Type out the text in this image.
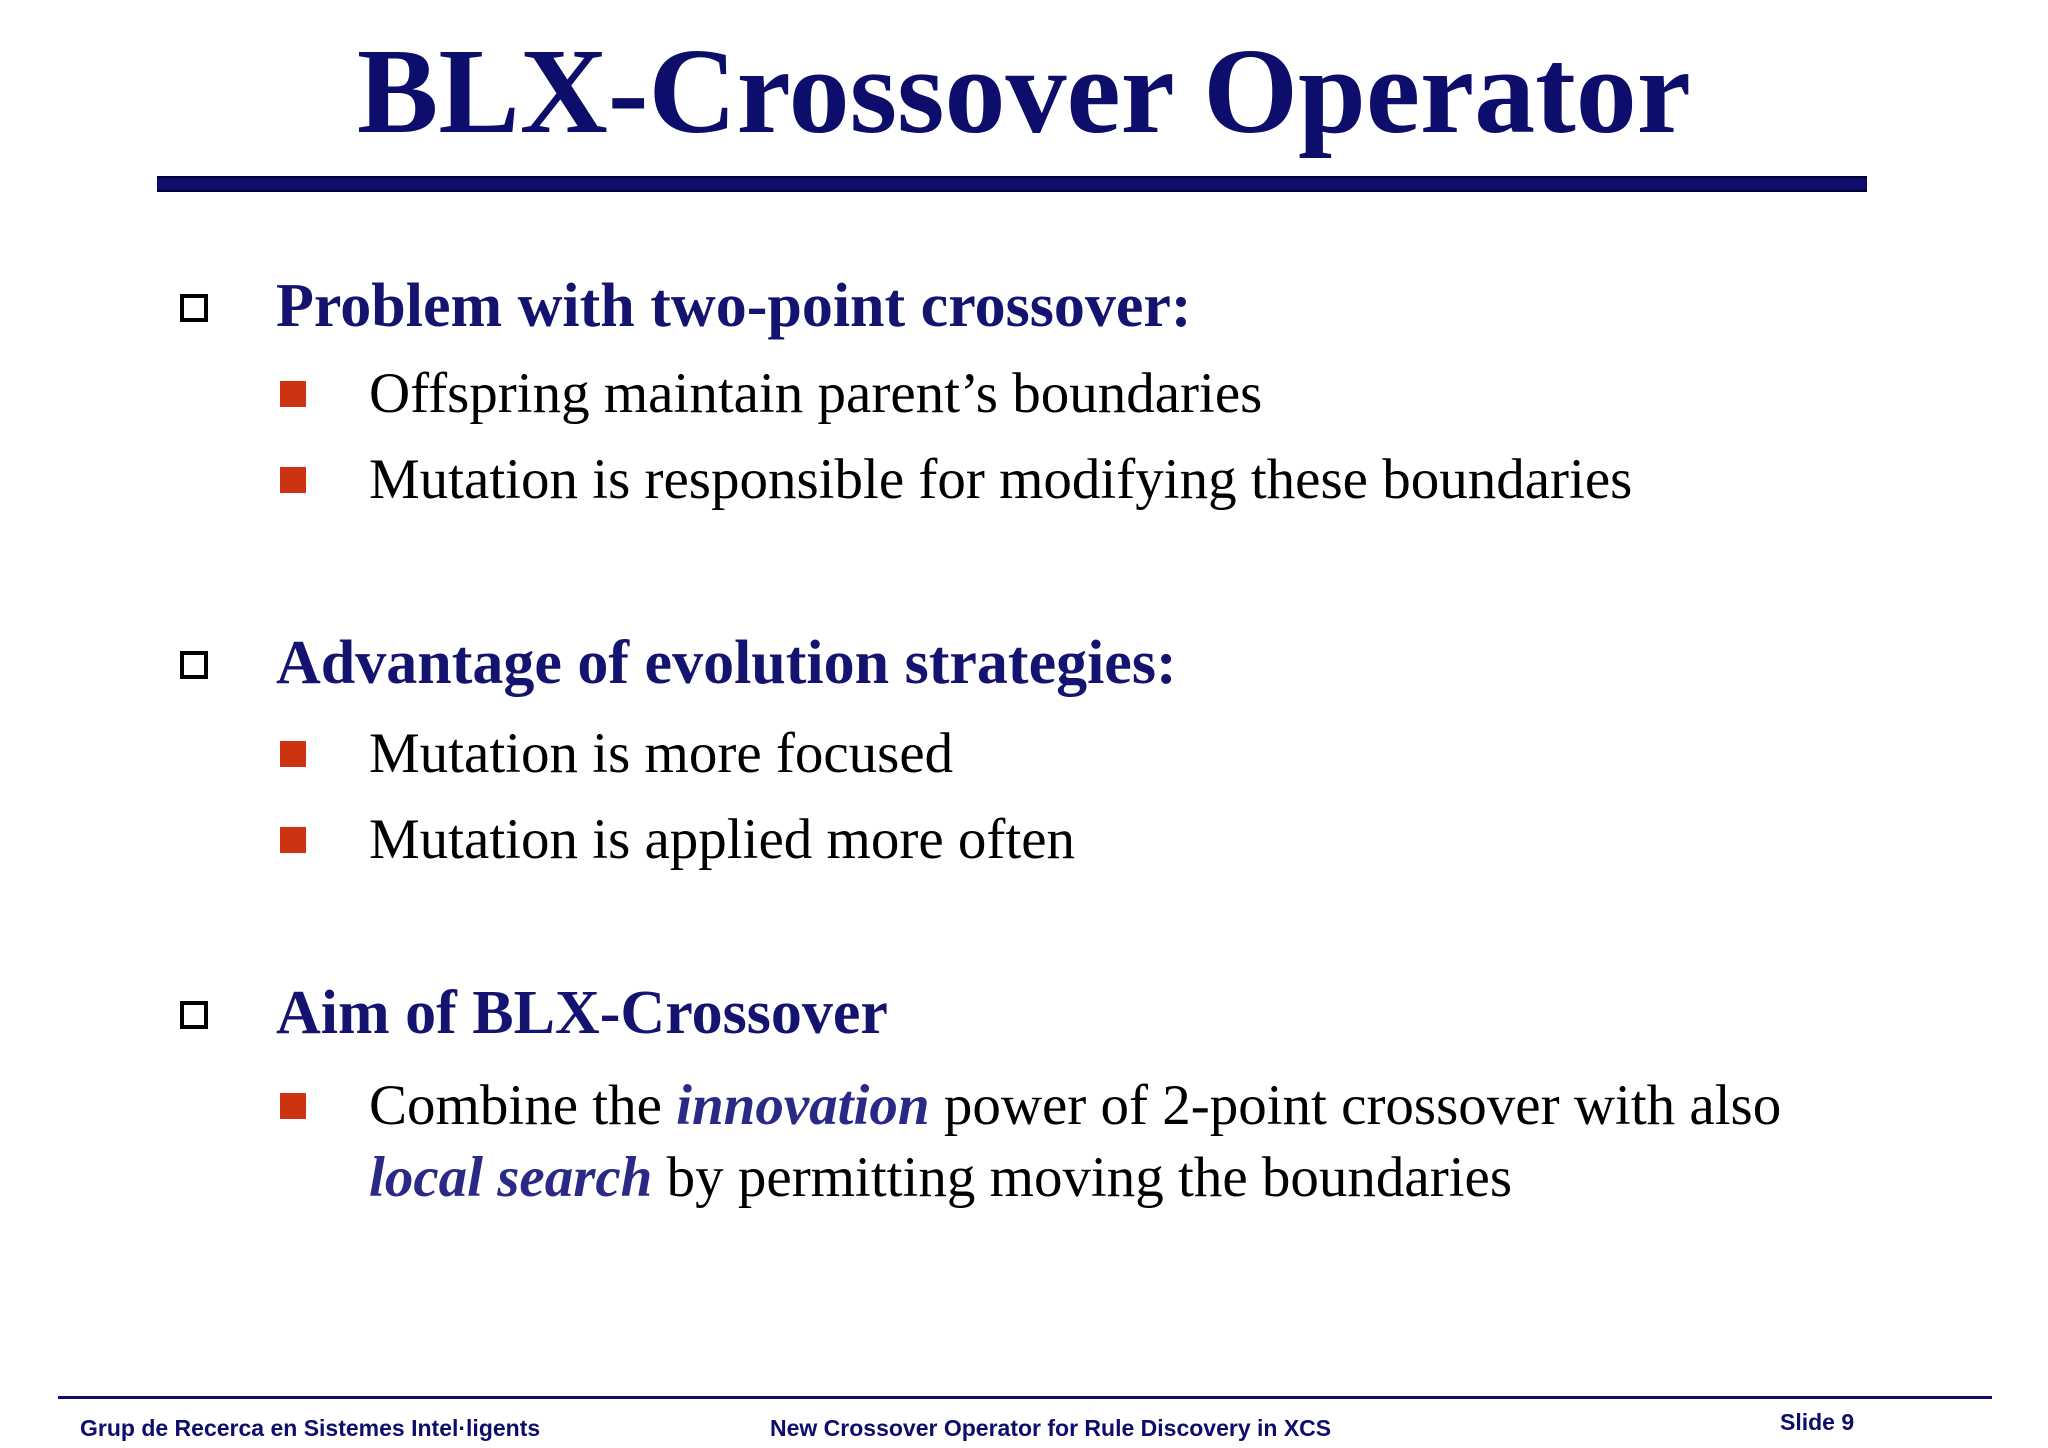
BLX-Crossover Operator
Problem with two-point crossover:
Offspring maintain parent’s boundaries
Mutation is responsible for modifying these boundaries
Advantage of evolution strategies:
Mutation is more focused
Mutation is applied more often
Aim of BLX-Crossover
Combine the innovation power of 2-point crossover with also
local search by permitting moving the boundaries
Grup de Recerca en Sistemes Intel·ligents	New Crossover Operator for Rule Discovery in XCS	Slide 9
